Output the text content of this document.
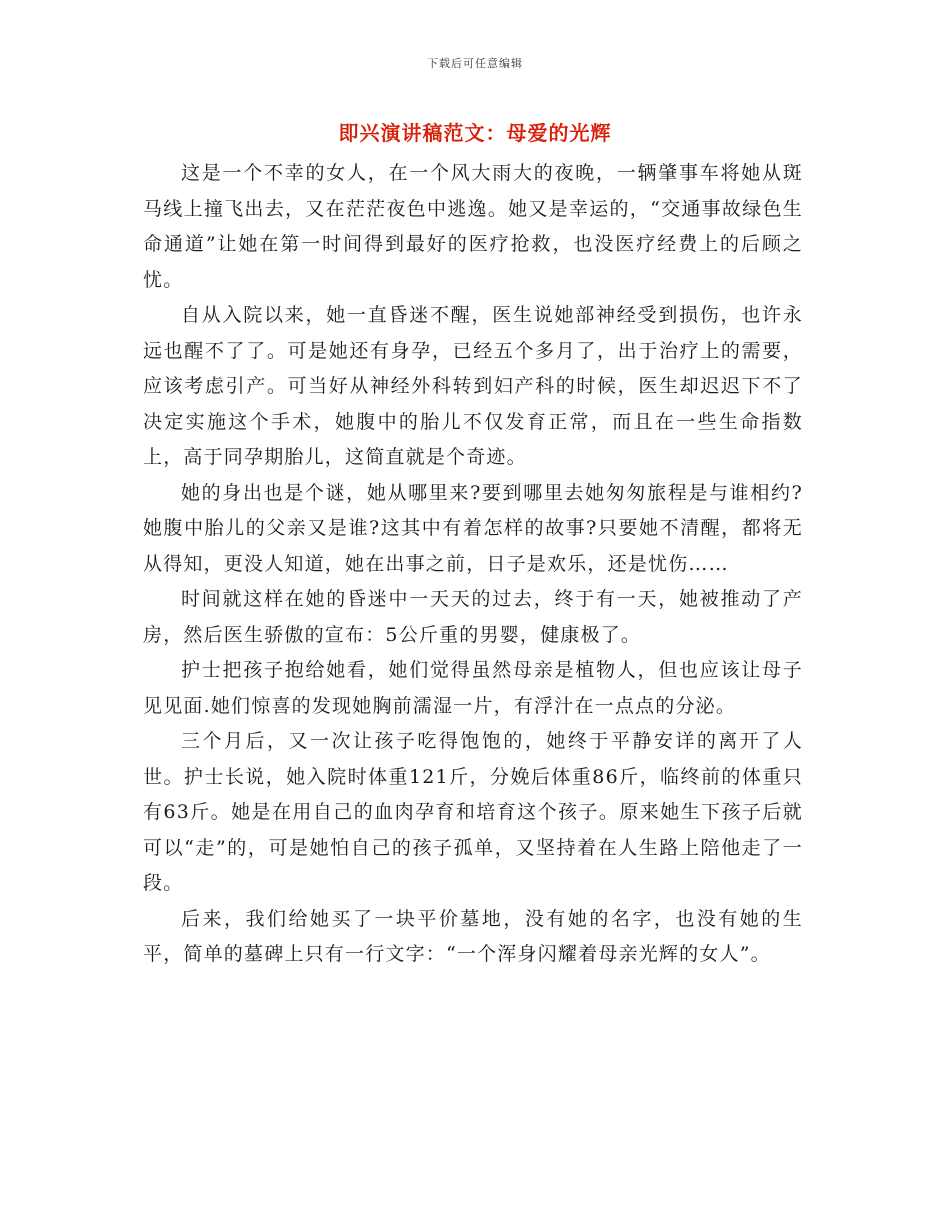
下载后可任意编辑
即兴演讲稿范文：母爱的光辉

这是一个不幸的女人，在一个风大雨大的夜晚，一辆肇事车将她从斑马线上撞飞出去，又在茫茫夜色中逃逸。她又是幸运的，“交通事故绿色生命通道”让她在第一时间得到最好的医疗抢救，也没医疗经费上的后顾之忧。

自从入院以来，她一直昏迷不醒，医生说她部神经受到损伤，也许永远也醒不了了。可是她还有身孕，已经五个多月了，出于治疗上的需要，应该考虑引产。可当好从神经外科转到妇产科的时候，医生却迟迟下不了决定实施这个手术，她腹中的胎儿不仅发育正常，而且在一些生命指数上，高于同孕期胎儿，这简直就是个奇迹。

她的身出也是个谜，她从哪里来?要到哪里去她匆匆旅程是与谁相约?她腹中胎儿的父亲又是谁?这其中有着怎样的故事?只要她不清醒，都将无从得知，更没人知道，她在出事之前，日子是欢乐，还是忧伤……

时间就这样在她的昏迷中一天天的过去，终于有一天，她被推动了产房，然后医生骄傲的宣布：5公斤重的男婴，健康极了。

护士把孩子抱给她看，她们觉得虽然母亲是植物人，但也应该让母子见见面.她们惊喜的发现她胸前濡湿一片，有浮汁在一点点的分泌。

三个月后，又一次让孩子吃得饱饱的，她终于平静安详的离开了人世。护士长说，她入院时体重121斤，分娩后体重86斤，临终前的体重只有63斤。她是在用自己的血肉孕育和培育这个孩子。原来她生下孩子后就可以“走”的，可是她怕自己的孩子孤单，又坚持着在人生路上陪他走了一段。

后来，我们给她买了一块平价墓地，没有她的名字，也没有她的生平，简单的墓碑上只有一行文字：“一个浑身闪耀着母亲光辉的女人”。
